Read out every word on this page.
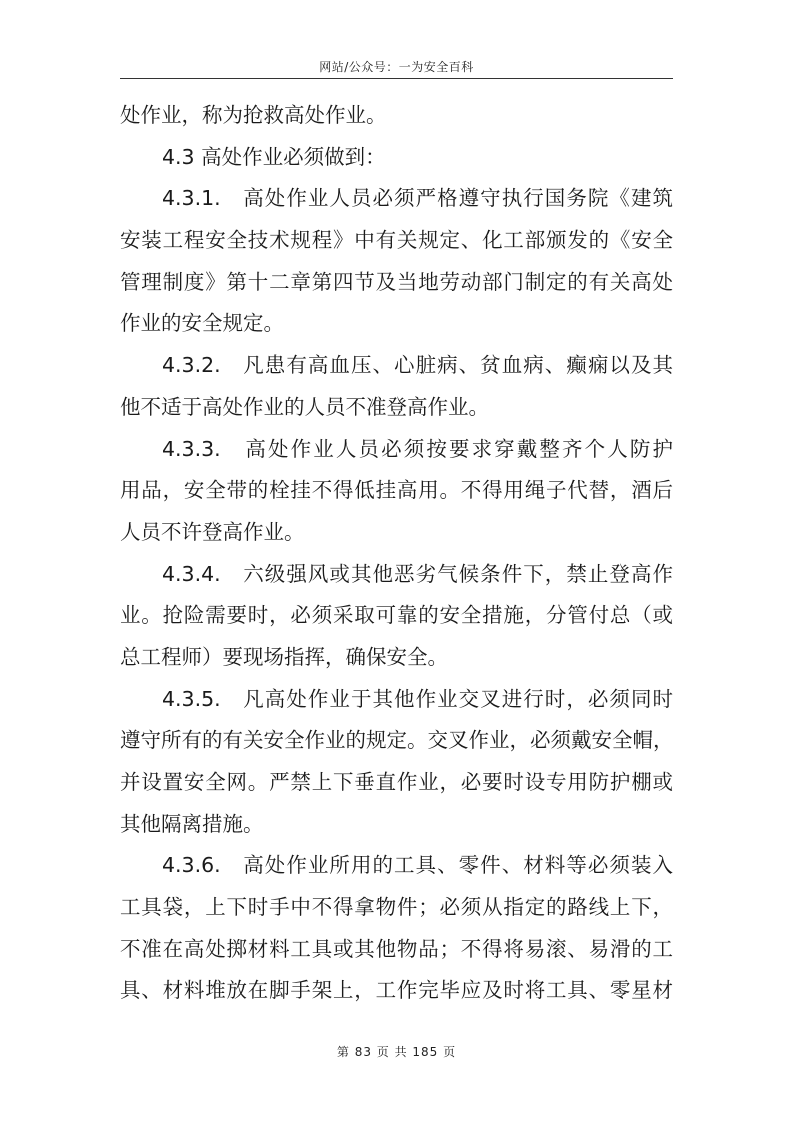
网站/公众号：一为安全百科
处作业，称为抢救高处作业。
4.3 高处作业必须做到：
4.3.1.　高处作业人员必须严格遵守执行国务院《建筑
安装工程安全技术规程》中有关规定、化工部颁发的《安全
管理制度》第十二章第四节及当地劳动部门制定的有关高处
作业的安全规定。
4.3.2.　凡患有高血压、心脏病、贫血病、癫痫以及其
他不适于高处作业的人员不准登高作业。
4.3.3.　高处作业人员必须按要求穿戴整齐个人防护
用品，安全带的栓挂不得低挂高用。不得用绳子代替，酒后
人员不许登高作业。
4.3.4.　六级强风或其他恶劣气候条件下，禁止登高作
业。抢险需要时，必须采取可靠的安全措施，分管付总（或
总工程师）要现场指挥，确保安全。
4.3.5.　凡高处作业于其他作业交叉进行时，必须同时
遵守所有的有关安全作业的规定。交叉作业，必须戴安全帽，
并设置安全网。严禁上下垂直作业，必要时设专用防护棚或
其他隔离措施。
4.3.6.　高处作业所用的工具、零件、材料等必须装入
工具袋，上下时手中不得拿物件；必须从指定的路线上下，
不准在高处掷材料工具或其他物品；不得将易滚、易滑的工
具、材料堆放在脚手架上，工作完毕应及时将工具、零星材
第 83 页 共 185 页
